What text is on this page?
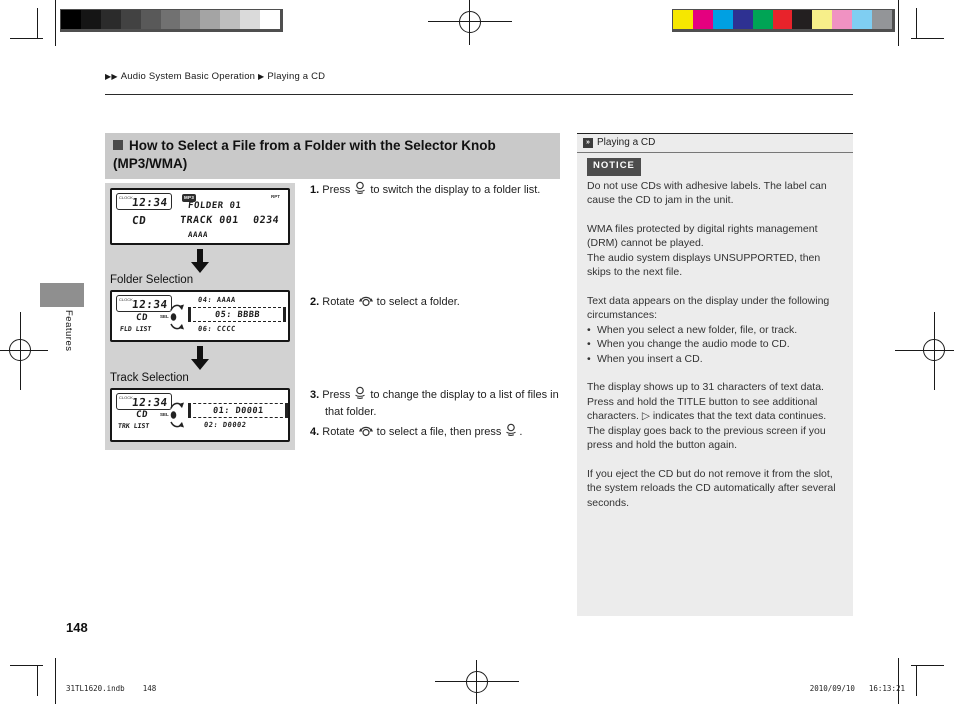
▶▶ Audio System Basic Operation ▶ Playing a CD
How to Select a File from a Folder with the Selector Knob (MP3/WMA)
Features
CLOCK
12:34
CD
MP3	RPT
FOLDER 01
TRACK 001 0234
AAAA
Folder Selection
CLOCK
12:34
CD
FLD LIST
SEL
04: AAAA
05: BBBB
06: CCCC
Track Selection
CLOCK
12:34
CD
TRK LIST
SEL	01: D0001
02: D0002
1. Press to switch the display to a folder list.
2. Rotate to select a folder.
3. Press to change the display to a list of files in that folder.
4. Rotate to select a file, then press .
» Playing a CD
NOTICE

Do not use CDs with adhesive labels. The label can cause the CD to jam in the unit.

WMA files protected by digital rights management (DRM) cannot be played.

The audio system displays UNSUPPORTED, then skips to the next file.

Text data appears on the display under the following circumstances:

• When you select a new folder, file, or track.
• When you change the audio mode to CD.
• When you insert a CD.

The display shows up to 31 characters of text data. Press and hold the TITLE button to see additional characters. ▷ indicates that the text data continues. The display goes back to the previous screen if you press and hold the button again.

If you eject the CD but do not remove it from the slot, the system reloads the CD automatically after several seconds.

148
31TL1620.indb 148	2010/09/10 16:13:21
